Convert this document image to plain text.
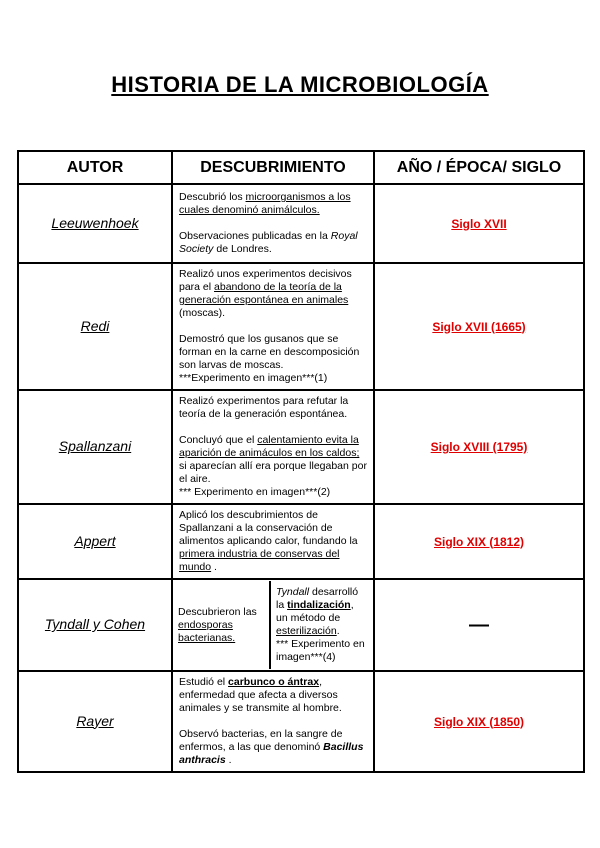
HISTORIA DE LA MICROBIOLOGÍA
AUTOR	DESCUBRIMIENTO	AÑO / ÉPOCA/ SIGLO
Leeuwenhoek	Descubrió los microorganismos a los cuales denominó animálculos.

Observaciones publicadas en la Royal Society de Londres.	Siglo XVII
Redi	Realizó unos experimentos decisivos para el abandono de la teoría de la generación espontánea en animales (moscas).

Demostró que los gusanos que se forman en la carne en descomposición son larvas de moscas.

***Experimento en imagen***(1)	Siglo XVII (1665)
Spallanzani	Realizó experimentos para refutar la teoría de la generación espontánea.

Concluyó que el calentamiento evita la aparición de animáculos en los caldos; si aparecían allí era porque llegaban por el aire.

*** Experimento en imagen***(2)	Siglo XVIII (1795)
Appert	Aplicó los descubrimientos de Spallanzani a la conservación de alimentos aplicando calor, fundando la primera industria de conservas del mundo .	Siglo XIX (1812)
Tyndall y Cohen	Descubrieron las endosporas bacterianas.

Tyndall desarrolló la tindalización, un método de esterilización.

*** Experimento en imagen***(4)	—
Rayer	Estudió el carbunco o ántrax, enfermedad que afecta a diversos animales y se transmite al hombre.

Observó bacterias, en la sangre de enfermos, a las que denominó Bacillus anthracis .	Siglo XIX (1850)
